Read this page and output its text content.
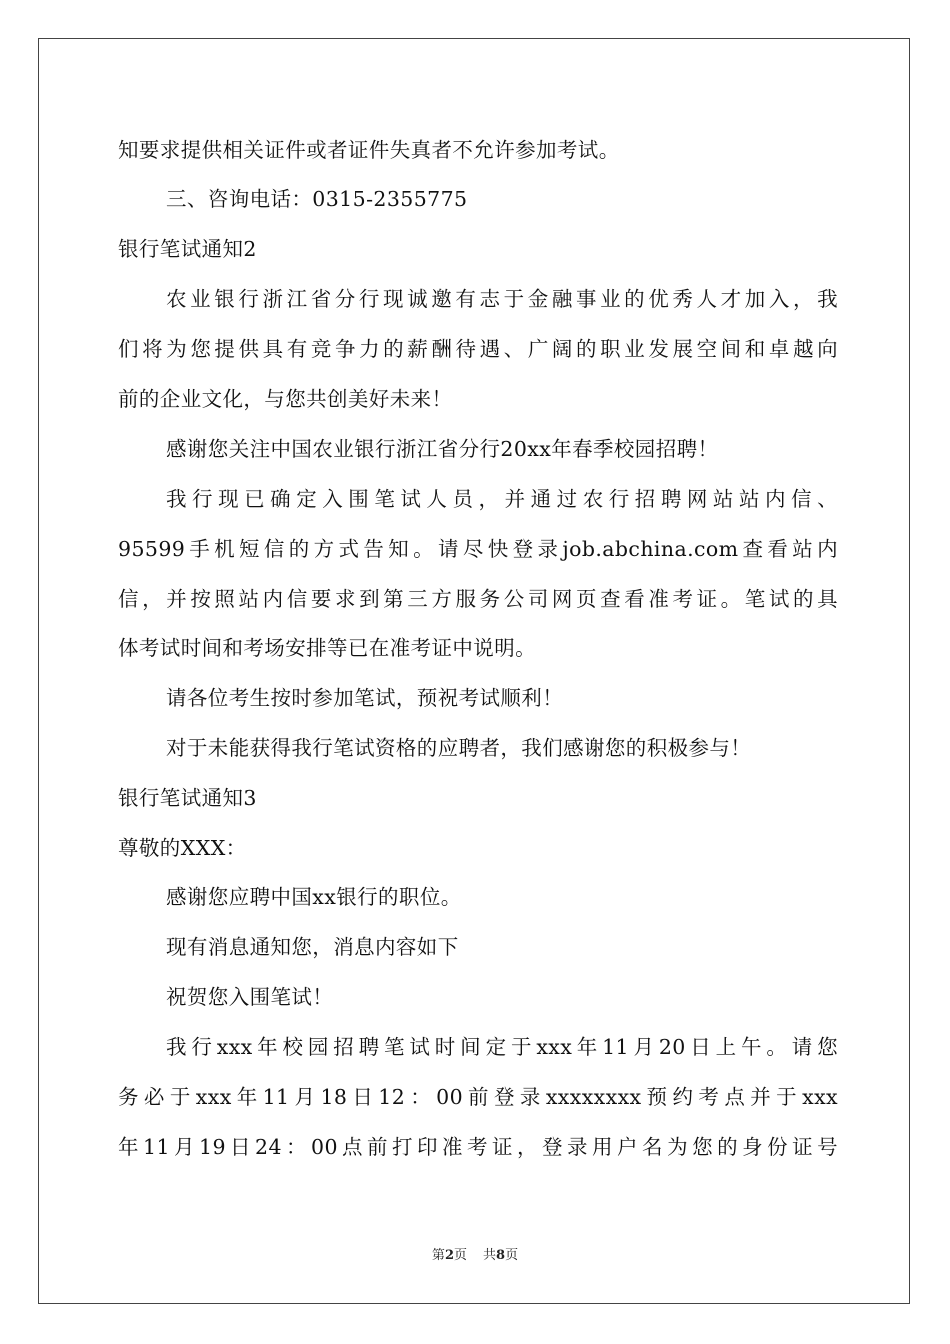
知要求提供相关证件或者证件失真者不允许参加考试。
三、咨询电话：0315-2355775
银行笔试通知2
农业银行浙江省分行现诚邀有志于金融事业的优秀人才加入，我
们将为您提供具有竞争力的薪酬待遇、广阔的职业发展空间和卓越向
前的企业文化，与您共创美好未来！
感谢您关注中国农业银行浙江省分行20xx年春季校园招聘！
我行现已确定入围笔试人员，并通过农行招聘网站站内信、
95599手机短信的方式告知。请尽快登录job.abchina.com查看站内
信，并按照站内信要求到第三方服务公司网页查看准考证。笔试的具
体考试时间和考场安排等已在准考证中说明。
请各位考生按时参加笔试，预祝考试顺利！
对于未能获得我行笔试资格的应聘者，我们感谢您的积极参与！
银行笔试通知3
尊敬的XXX：
感谢您应聘中国xx银行的职位。
现有消息通知您，消息内容如下
祝贺您入围笔试！
我行xxx年校园招聘笔试时间定于xxx年11月20日上午。请您
务必于xxx年11月18日12：00前登录xxxxxxxx预约考点并于xxx
年11月19日24：00点前打印准考证，登录用户名为您的身份证号
第2页 共8页
